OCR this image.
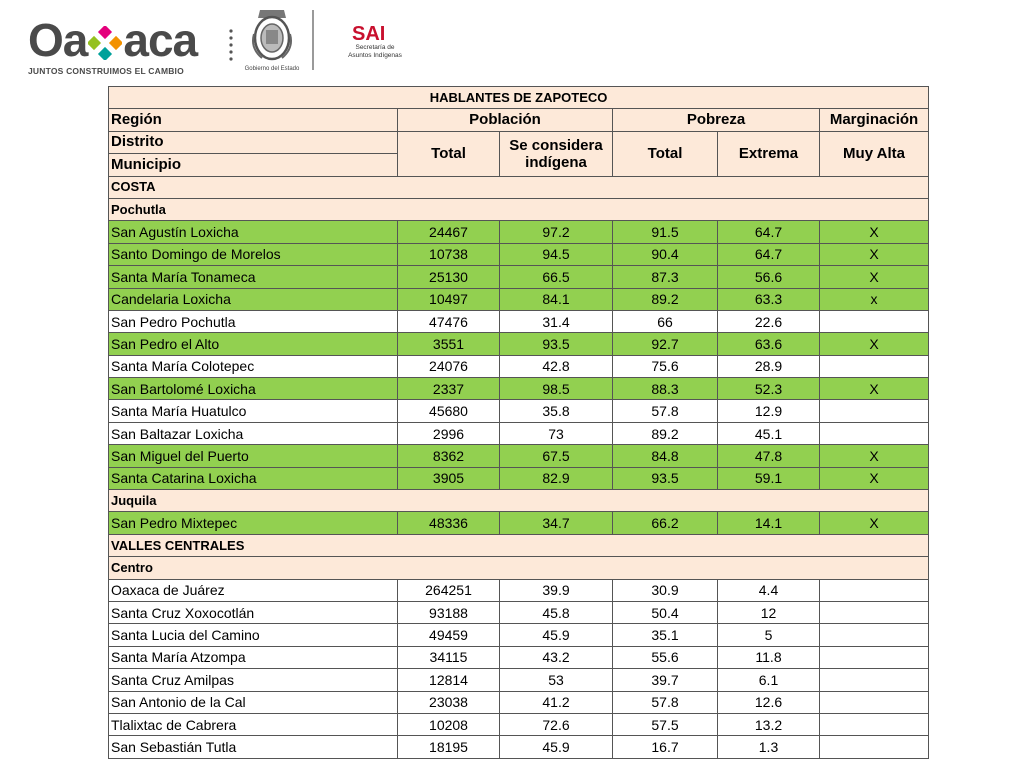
Oa aca
JUNTOS CONSTRUIMOS EL CAMBIO	Gobierno del Estado
SAI
Secretaría de
Asuntos Indígenas
HABLANTES DE ZAPOTECO					
Región	Población		Pobreza		Marginación
Distrito	Total	Se considera indígena	Total	Extrema	Muy Alta
Municipio					
COSTA					
Pochutla					
San Agustín Loxicha	24467	97.2	91.5	64.7	X
Santo Domingo de Morelos	10738	94.5	90.4	64.7	X
Santa María Tonameca	25130	66.5	87.3	56.6	X
Candelaria Loxicha	10497	84.1	89.2	63.3	x
San Pedro Pochutla	47476	31.4	66	22.6	
San Pedro el Alto	3551	93.5	92.7	63.6	X
Santa María Colotepec	24076	42.8	75.6	28.9	
San Bartolomé Loxicha	2337	98.5	88.3	52.3	X
Santa María Huatulco	45680	35.8	57.8	12.9	
San Baltazar Loxicha	2996	73	89.2	45.1	
San Miguel del Puerto	8362	67.5	84.8	47.8	X
Santa Catarina Loxicha	3905	82.9	93.5	59.1	X
Juquila					
San Pedro Mixtepec	48336	34.7	66.2	14.1	X
VALLES CENTRALES					
Centro					
Oaxaca de Juárez	264251	39.9	30.9	4.4	
Santa Cruz Xoxocotlán	93188	45.8	50.4	12	
Santa Lucia del Camino	49459	45.9	35.1	5	
Santa María Atzompa	34115	43.2	55.6	11.8	
Santa Cruz Amilpas	12814	53	39.7	6.1	
San Antonio de la Cal	23038	41.2	57.8	12.6	
Tlalixtac de Cabrera	10208	72.6	57.5	13.2	
San Sebastián Tutla	18195	45.9	16.7	1.3	
